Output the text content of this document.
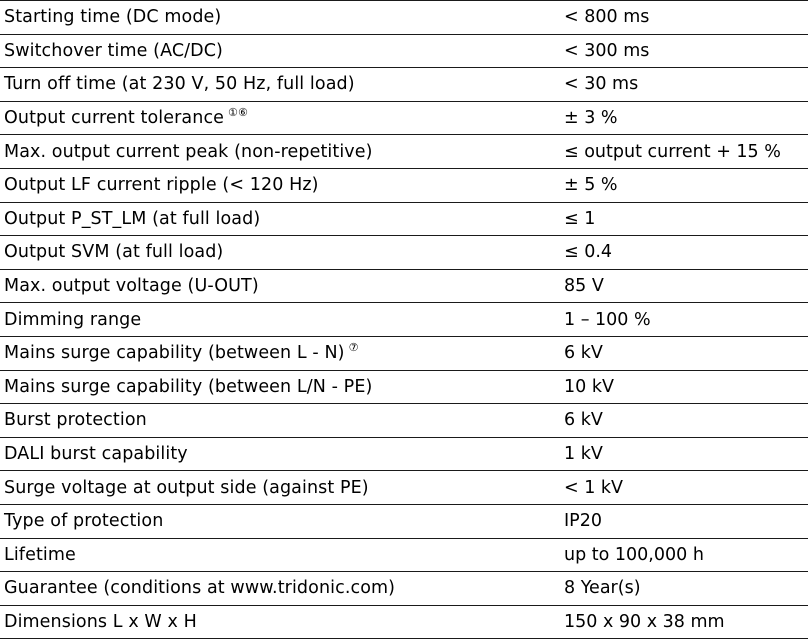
Starting time (DC mode)	< 800 ms
Switchover time (AC/DC)	< 300 ms
Turn off time (at 230 V, 50 Hz, full load)	< 30 ms
Output current tolerance ①⑥	± 3 %
Max. output current peak (non-repetitive)	≤ output current + 15 %
Output LF current ripple (< 120 Hz)	± 5 %
Output P_ST_LM (at full load)	≤ 1
Output SVM (at full load)	≤ 0.4
Max. output voltage (U-OUT)	85 V
Dimming range	1 – 100 %
Mains surge capability (between L - N) ⑦	6 kV
Mains surge capability (between L/N - PE)	10 kV
Burst protection	6 kV
DALI burst capability	1 kV
Surge voltage at output side (against PE)	< 1 kV
Type of protection	IP20
Lifetime	up to 100,000 h
Guarantee (conditions at www.tridonic.com)	8 Year(s)
Dimensions L x W x H	150 x 90 x 38 mm
